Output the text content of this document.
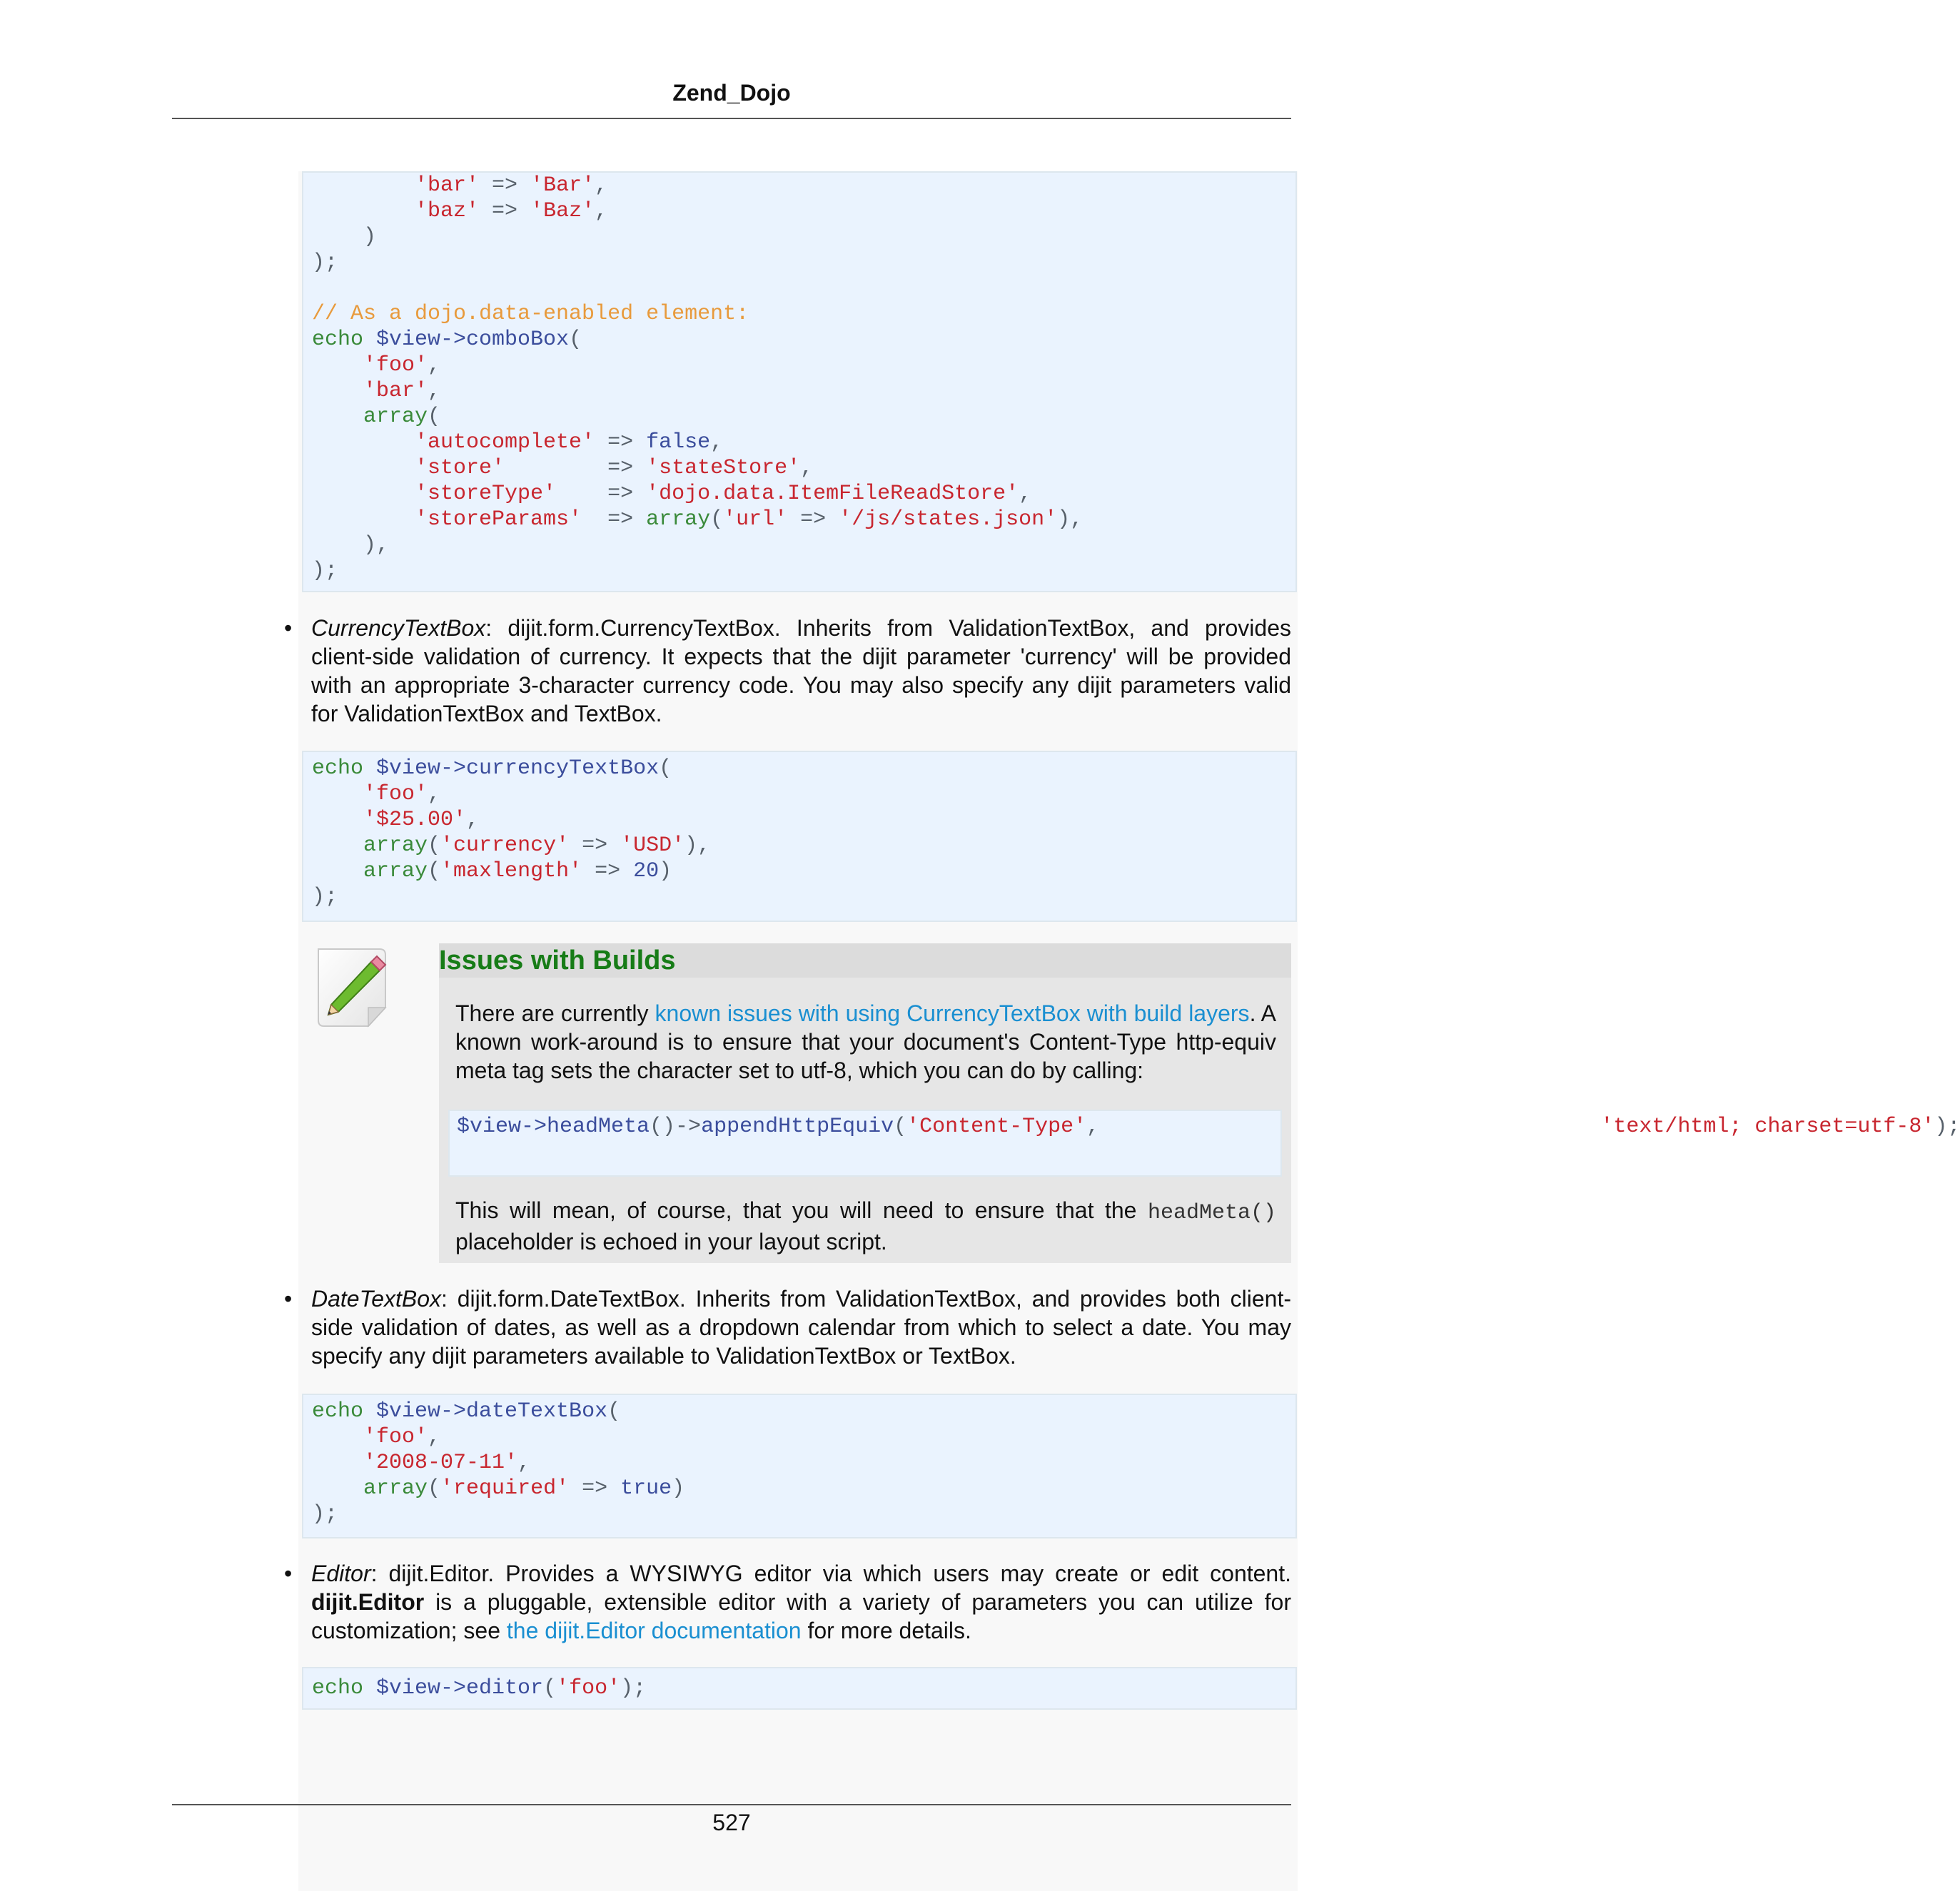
Zend_Dojo
'bar' => 'Bar',
'baz' => 'Baz',
)
);
// As a dojo.data-enabled element:
echo $view->comboBox(
'foo',
'bar',
array(
'autocomplete' => false,
'store'        => 'stateStore',
'storeType'    => 'dojo.data.ItemFileReadStore',
'storeParams'  => array('url' => '/js/states.json'),
),
);
• CurrencyTextBox: dijit.form.CurrencyTextBox. Inherits from ValidationTextBox, and provides client-side validation of currency. It expects that the dijit parameter 'currency' will be provided with an appropriate 3-character currency code. You may also specify any dijit parameters valid for ValidationTextBox and TextBox.
echo $view->currencyTextBox(
'foo',
'$25.00',
array('currency' => 'USD'),
array('maxlength' => 20)
);
Issues with Builds
There are currently known issues with using CurrencyTextBox with build layers. A known work-around is to ensure that your document's Content-Type http-equiv meta tag sets the character set to utf-8, which you can do by calling:
$view->headMeta()->appendHttpEquiv('Content-Type',	'text/html; charset=utf-8');
This will mean, of course, that you will need to ensure that the headMeta() placeholder is echoed in your layout script.
• DateTextBox: dijit.form.DateTextBox. Inherits from ValidationTextBox, and provides both client-side validation of dates, as well as a dropdown calendar from which to select a date. You may specify any dijit parameters available to ValidationTextBox or TextBox.
echo $view->dateTextBox(
'foo',
'2008-07-11',
array('required' => true)
);
• Editor: dijit.Editor. Provides a WYSIWYG editor via which users may create or edit content. dijit.Editor is a pluggable, extensible editor with a variety of parameters you can utilize for customization; see the dijit.Editor documentation for more details.
echo $view->editor('foo');
527
